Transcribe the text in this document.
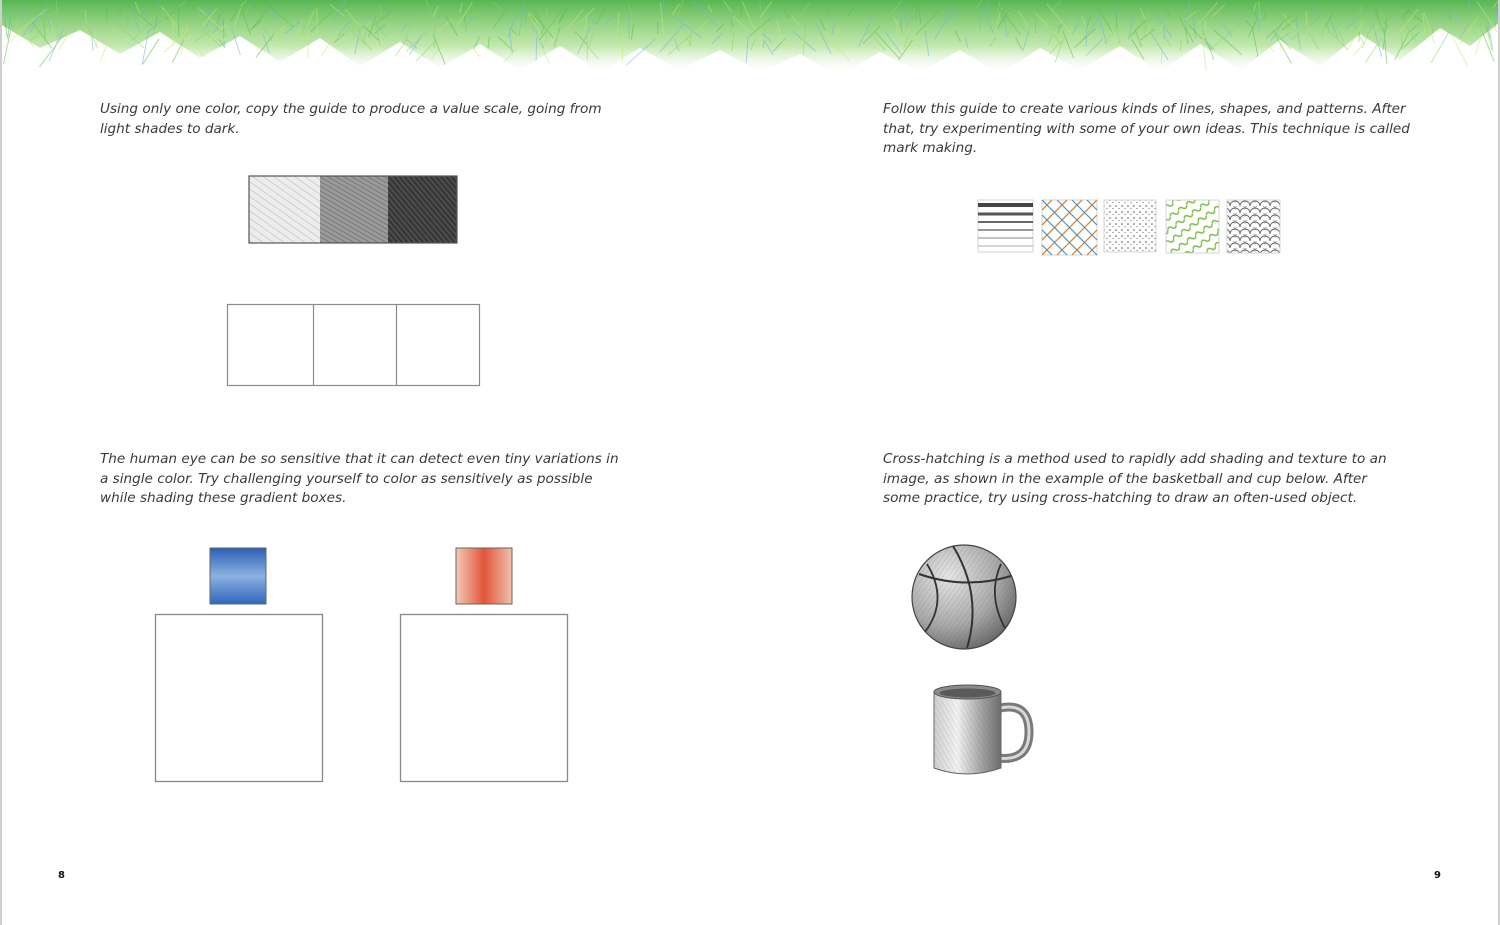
Using only one color, copy the guide to produce a value scale, going from light shades to dark.

The human eye can be so sensitive that it can detect even tiny variations in a single color. Try challenging yourself to color as sensitively as possible while shading these gradient boxes.

8

Follow this guide to create various kinds of lines, shapes, and patterns. After that, try experimenting with some of your own ideas. This technique is called mark making.

Cross-hatching is a method used to rapidly add shading and texture to an image, as shown in the example of the basketball and cup below. After some practice, try using cross-hatching to draw an often-used object.

9
